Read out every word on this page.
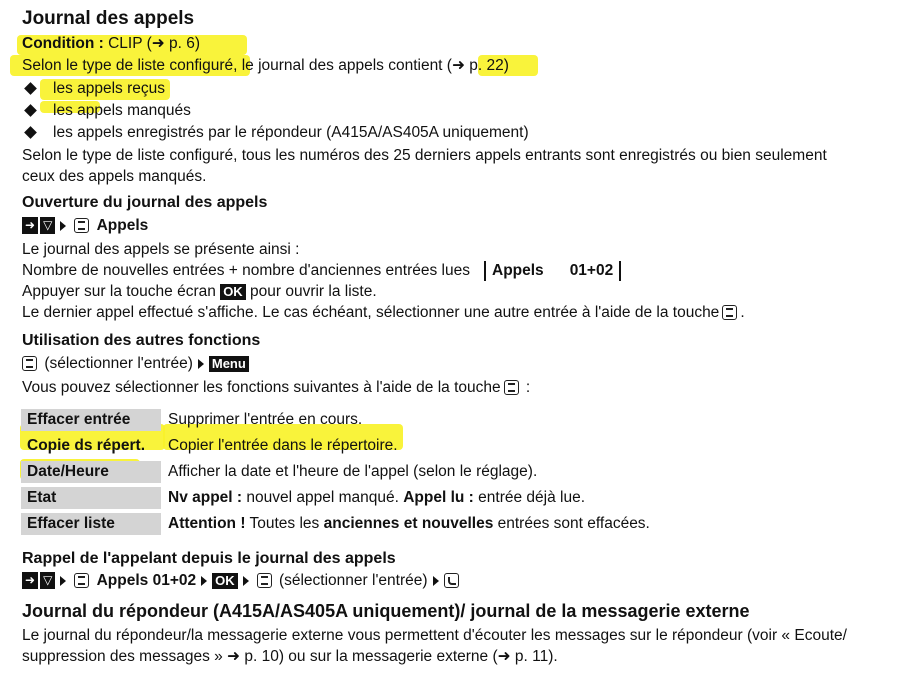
Journal des appels
Condition : CLIP (➜ p. 6)
Selon le type de liste configuré, le journal des appels contient (➜ p. 22)
les appels reçus
les appels manqués
les appels enregistrés par le répondeur (A415A/AS405A uniquement)
Selon le type de liste configuré, tous les numéros des 25 derniers appels entrants sont enregistrés ou bien seulement
ceux des appels manqués.
Ouverture du journal des appels
➜ ▽	Appels
Le journal des appels se présente ainsi :
Nombre de nouvelles entrées + nombre d'anciennes entrées lues Appels 01+02
Appuyer sur la touche écran OK pour ouvrir la liste.
Le dernier appel effectué s'affiche. Le cas échéant, sélectionner une autre entrée à l'aide de la touche .
Utilisation des autres fonctions
(sélectionner l'entrée) Menu
Vous pouvez sélectionner les fonctions suivantes à l'aide de la touche :
Effacer entrée	Supprimer l'entrée en cours.
Copie ds répert.	Copier l'entrée dans le répertoire.
Date/Heure	Afficher la date et l'heure de l'appel (selon le réglage).
Etat	Nv appel : nouvel appel manqué. Appel lu : entrée déjà lue.
Effacer liste	Attention ! Toutes les anciennes et nouvelles entrées sont effacées.
Rappel de l'appelant depuis le journal des appels
➜ ▽	Appels 01+02 OK	(sélectionner l'entrée)
Journal du répondeur (A415A/AS405A uniquement)/ journal de la messagerie externe
Le journal du répondeur/la messagerie externe vous permettent d'écouter les messages sur le répondeur (voir « Ecoute/
suppression des messages » ➜ p. 10) ou sur la messagerie externe (➜ p. 11).
